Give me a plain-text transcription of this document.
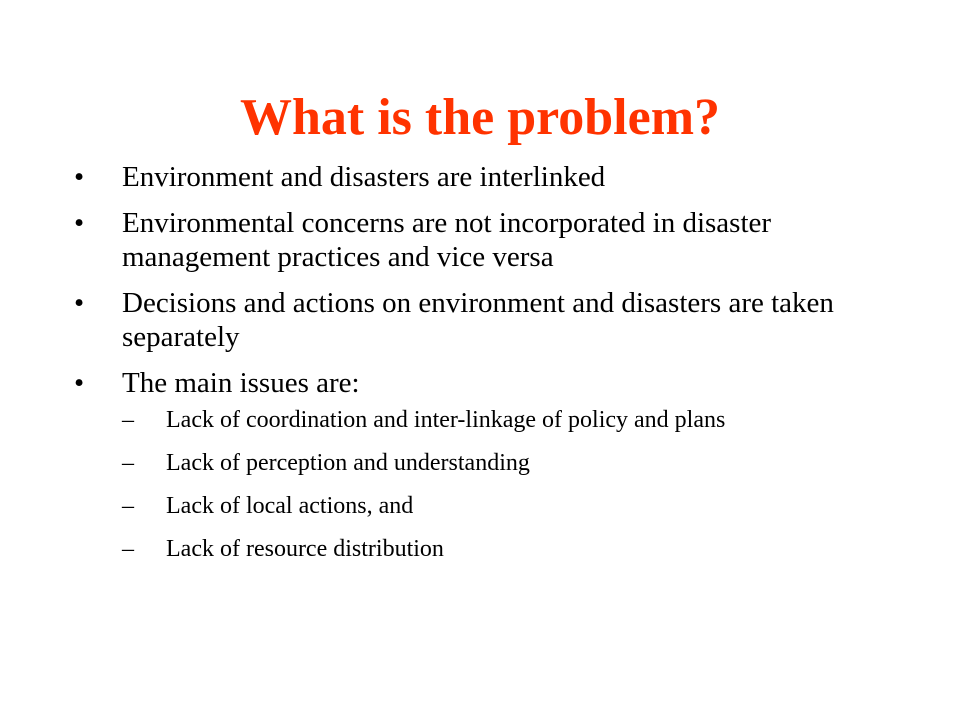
What is the problem?
•	Environment and disasters are interlinked
•	Environmental concerns are not incorporated in disaster management practices and vice versa
•	Decisions and actions on environment and disasters are taken separately
•	The main issues are:
–	Lack of coordination and inter-linkage of policy and plans
–	Lack of perception and understanding
–	Lack of local actions, and
–	Lack of resource distribution
